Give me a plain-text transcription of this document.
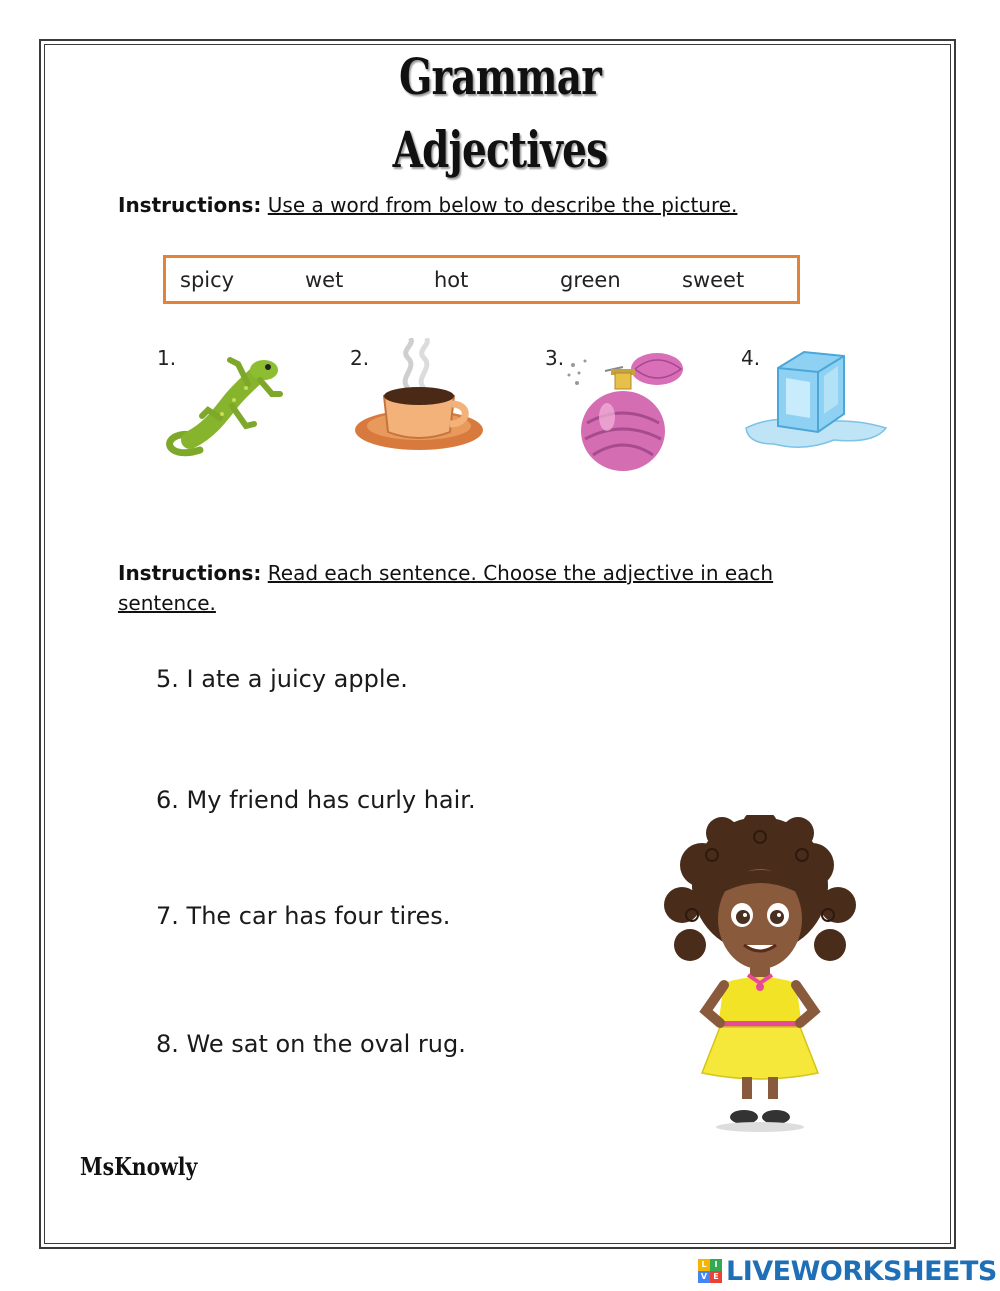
Grammar
Adjectives
Instructions: Use a word from below to describe the picture.
spicy	wet	hot	green	sweet
1.	2.	3.	4.
Instructions: Read each sentence. Choose the adjective in each sentence.
5. I ate a juicy apple.
6. My friend has curly hair.
7. The car has four tires.
8. We sat on the oval rug.
MsKnowly
L I
V E LIVEWORKSHEETS
